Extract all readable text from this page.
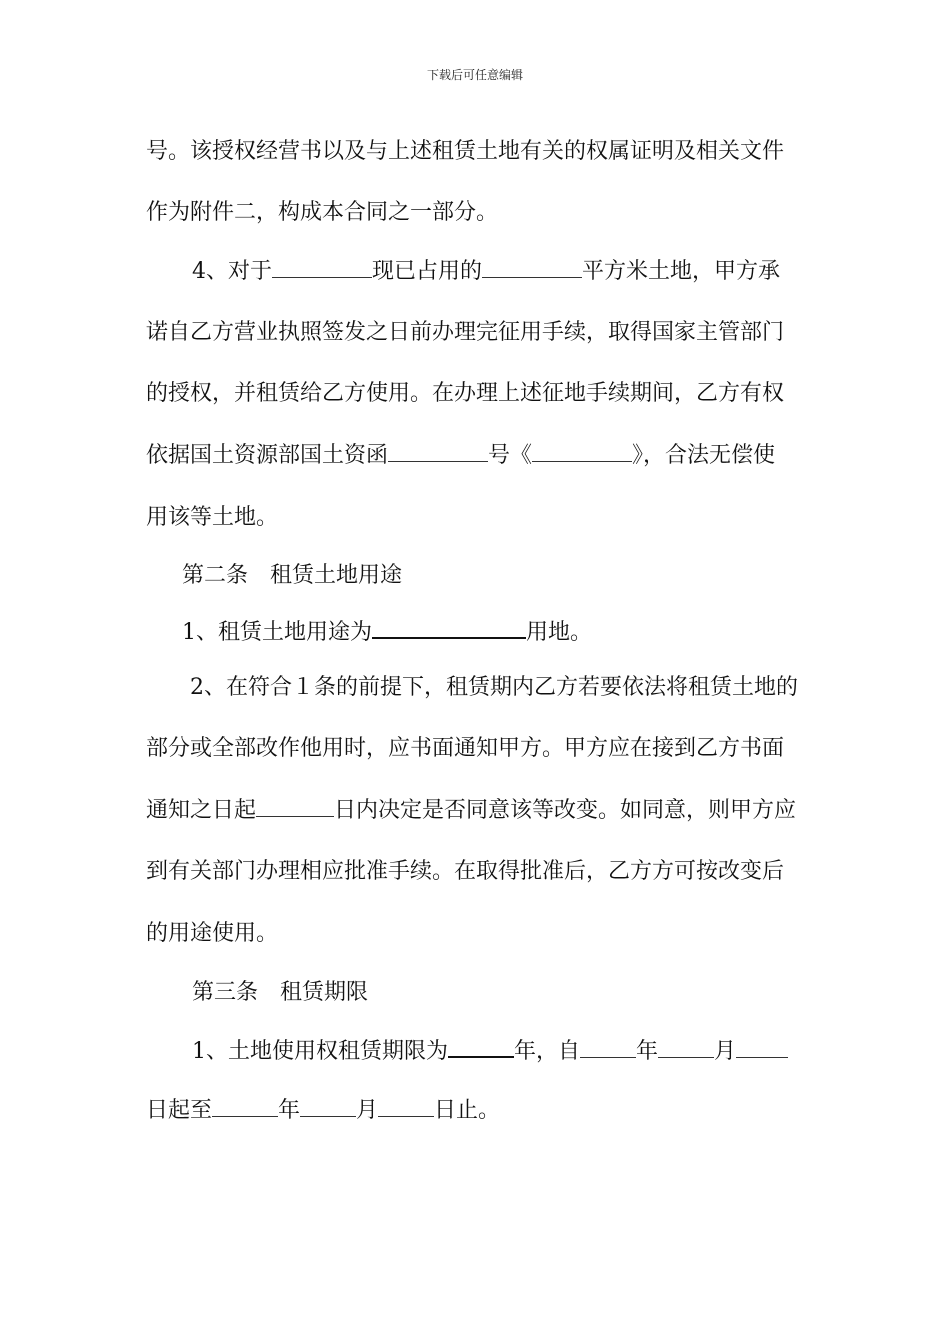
下载后可任意编辑
号。该授权经营书以及与上述租赁土地有关的权属证明及相关文件
作为附件二，构成本合同之一部分。
4、对于	现已占用的	平方米土地，甲方承
诺自乙方营业执照签发之日前办理完征用手续，取得国家主管部门
的授权，并租赁给乙方使用。在办理上述征地手续期间，乙方有权
依据国土资源部国土资函	号《	》，合法无偿使
用该等土地。
第二条　租赁土地用途
1、租赁土地用途为	用地。
2、在符合１条的前提下，租赁期内乙方若要依法将租赁土地的
部分或全部改作他用时，应书面通知甲方。甲方应在接到乙方书面
通知之日起	日内决定是否同意该等改变。如同意，则甲方应
到有关部门办理相应批准手续。在取得批准后，乙方方可按改变后
的用途使用。
第三条　租赁期限
1、土地使用权租赁期限为	年，自	年	月
日起至	年	月	日止。
